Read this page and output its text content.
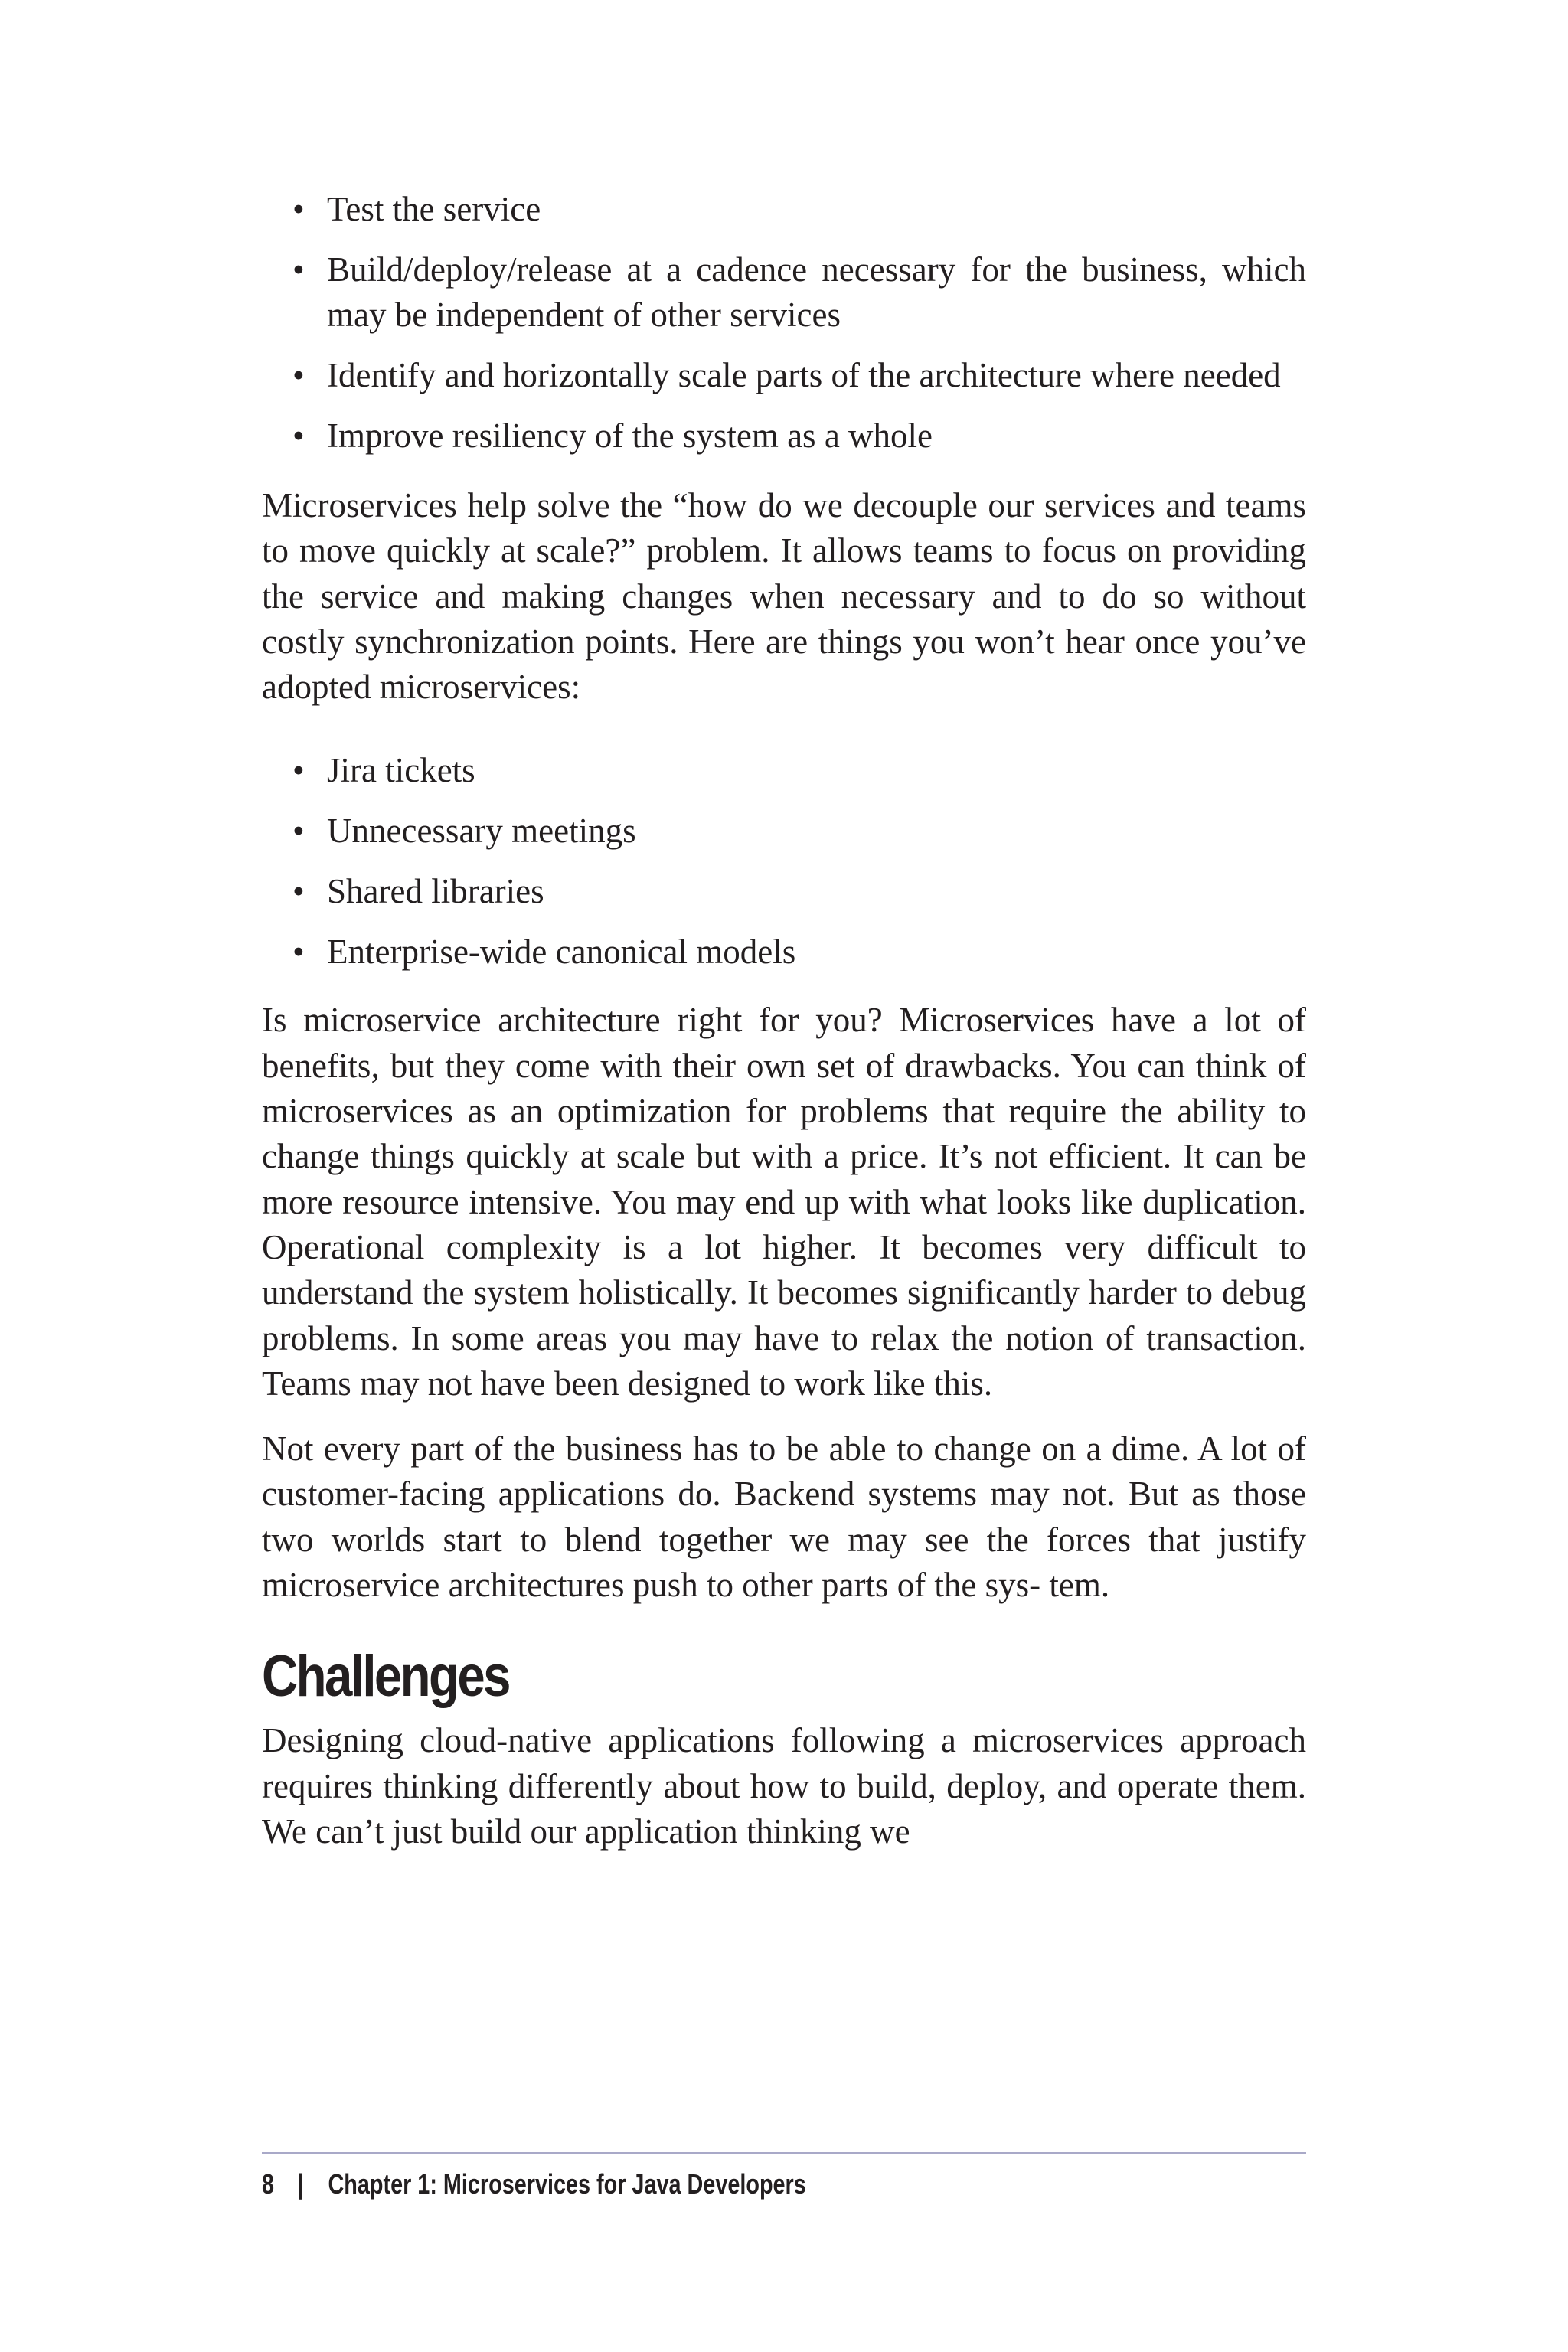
• Test the service
• Build/deploy/release at a cadence necessary for the business, which may be independent of other services
• Identify and horizontally scale parts of the architecture where needed
• Improve resiliency of the system as a whole

Microservices help solve the “how do we decouple our services and teams to move quickly at scale?” problem. It allows teams to focus on providing the service and making changes when necessary and to do so without costly synchronization points. Here are things you won’t hear once you’ve adopted microservices:

• Jira tickets
• Unnecessary meetings
• Shared libraries
• Enterprise-wide canonical models

Is microservice architecture right for you? Microservices have a lot of benefits, but they come with their own set of drawbacks. You can think of microservices as an optimization for problems that require the ability to change things quickly at scale but with a price. It’s not efficient. It can be more resource intensive. You may end up with what looks like duplication. Operational complexity is a lot higher. It becomes very difficult to understand the system holistically. It becomes significantly harder to debug problems. In some areas you may have to relax the notion of transaction. Teams may not have been designed to work like this.

Not every part of the business has to be able to change on a dime. A lot of customer-facing applications do. Backend systems may not. But as those two worlds start to blend together we may see the forces that justify microservice architectures push to other parts of the sys‐ tem.

Challenges

Designing cloud-native applications following a microservices approach requires thinking differently about how to build, deploy, and operate them. We can’t just build our application thinking we

8 | Chapter 1: Microservices for Java Developers
